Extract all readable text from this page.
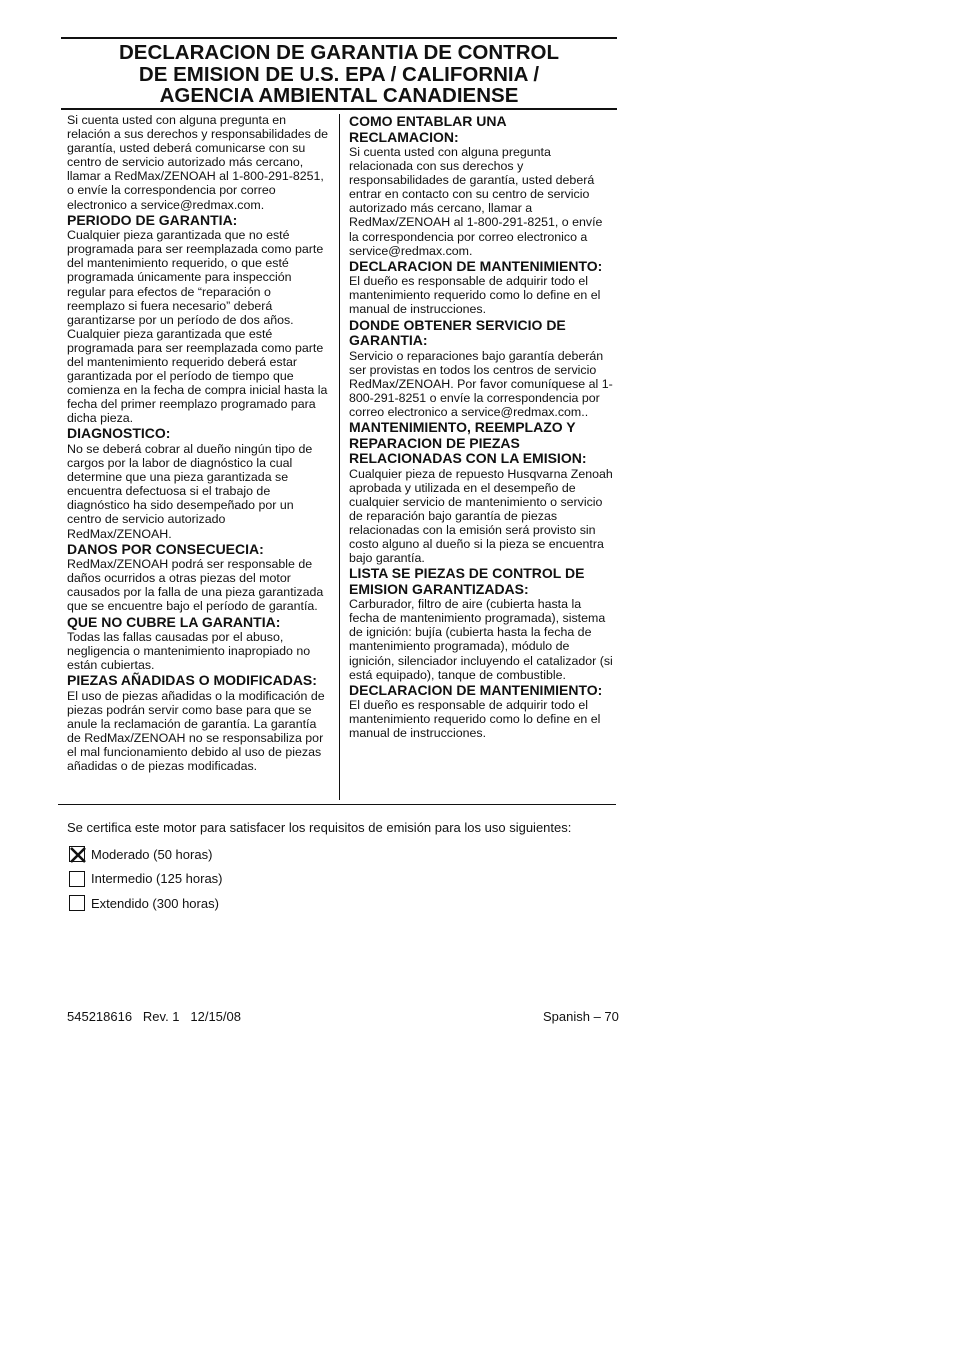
DECLARACION DE GARANTIA DE CONTROL
DE EMISION DE U.S. EPA / CALIFORNIA /
AGENCIA AMBIENTAL CANADIENSE

Si cuenta usted con alguna pregunta en relación a sus derechos y responsabilidades de garantía, usted deberá comunicarse con su centro de servicio autorizado más cercano, llamar a RedMax/ZENOAH al 1-800-291-8251, o envíe la correspondencia por correo electronico a service@redmax.com.

PERIODO DE GARANTIA:

Cualquier pieza garantizada que no esté programada para ser reemplazada como parte del mantenimiento requerido, o que esté programada únicamente para inspección regular para efectos de “reparación o reemplazo si fuera necesario” deberá garantizarse por un período de dos años. Cualquier pieza garantizada que esté programada para ser reemplazada como parte del mantenimiento requerido deberá estar garantizada por el período de tiempo que comienza en la fecha de compra inicial hasta la fecha del primer reemplazo programado para dicha pieza.

DIAGNOSTICO:

No se deberá cobrar al dueño ningún tipo de cargos por la labor de diagnóstico la cual determine que una pieza garantizada se encuentra defectuosa si el trabajo de diagnóstico ha sido desempeñado por un centro de servicio autorizado RedMax/ZENOAH.

DANOS POR CONSECUECIA:

RedMax/ZENOAH podrá ser responsable de daños ocurridos a otras piezas del motor causados por la falla de una pieza garantizada que se encuentre bajo el período de garantía.

QUE NO CUBRE LA GARANTIA:

Todas las fallas causadas por el abuso, negligencia o mantenimiento inapropiado no están cubiertas.

PIEZAS AÑADIDAS O MODIFICADAS:

El uso de piezas añadidas o la modificación de piezas podrán servir como base para que se anule la reclamación de garantía. La garantía de RedMax/ZENOAH no se responsabiliza por el mal funcionamiento debido al uso de piezas añadidas o de piezas modificadas.

COMO ENTABLAR UNA RECLAMACION:

Si cuenta usted con alguna pregunta relacionada con sus derechos y responsabilidades de garantía, usted deberá entrar en contacto con su centro de servicio autorizado más cercano, llamar a RedMax/ZENOAH al 1-800-291-8251, o envíe la correspondencia por correo electronico a service@redmax.com.

DECLARACION DE MANTENIMIENTO:

El dueño es responsable de adquirir todo el mantenimiento requerido como lo define en el manual de instrucciones.

DONDE OBTENER SERVICIO DE GARANTIA:

Servicio o reparaciones bajo garantía deberán ser provistas en todos los centros de servicio RedMax/ZENOAH. Por favor comuníquese al 1-800-291-8251 o envíe la correspondencia por correo electronico a service@redmax.com..

MANTENIMIENTO, REEMPLAZO Y REPARACION DE PIEZAS RELACIONADAS CON LA EMISION:

Cualquier pieza de repuesto Husqvarna Zenoah aprobada y utilizada en el desempeño de cualquier servicio de mantenimiento o servicio de reparación bajo garantía de piezas relacionadas con la emisión será provisto sin costo alguno al dueño si la pieza se encuentra bajo garantía.

LISTA SE PIEZAS DE CONTROL DE EMISION GARANTIZADAS:

Carburador, filtro de aire (cubierta hasta la fecha de mantenimiento programada), sistema de ignición: bujía (cubierta hasta la fecha de mantenimiento programada), módulo de ignición, silenciador incluyendo el catalizador (si está equipado), tanque de combustible.

DECLARACION DE MANTENIMIENTO:

El dueño es responsable de adquirir todo el mantenimiento requerido como lo define en el manual de instrucciones.

Se certifica este motor para satisfacer los requisitos de emisión para los uso siguientes:

Moderado (50 horas)
Intermedio (125 horas)
Extendido (300 horas)
545218616 Rev. 1 12/15/08	Spanish – 70
